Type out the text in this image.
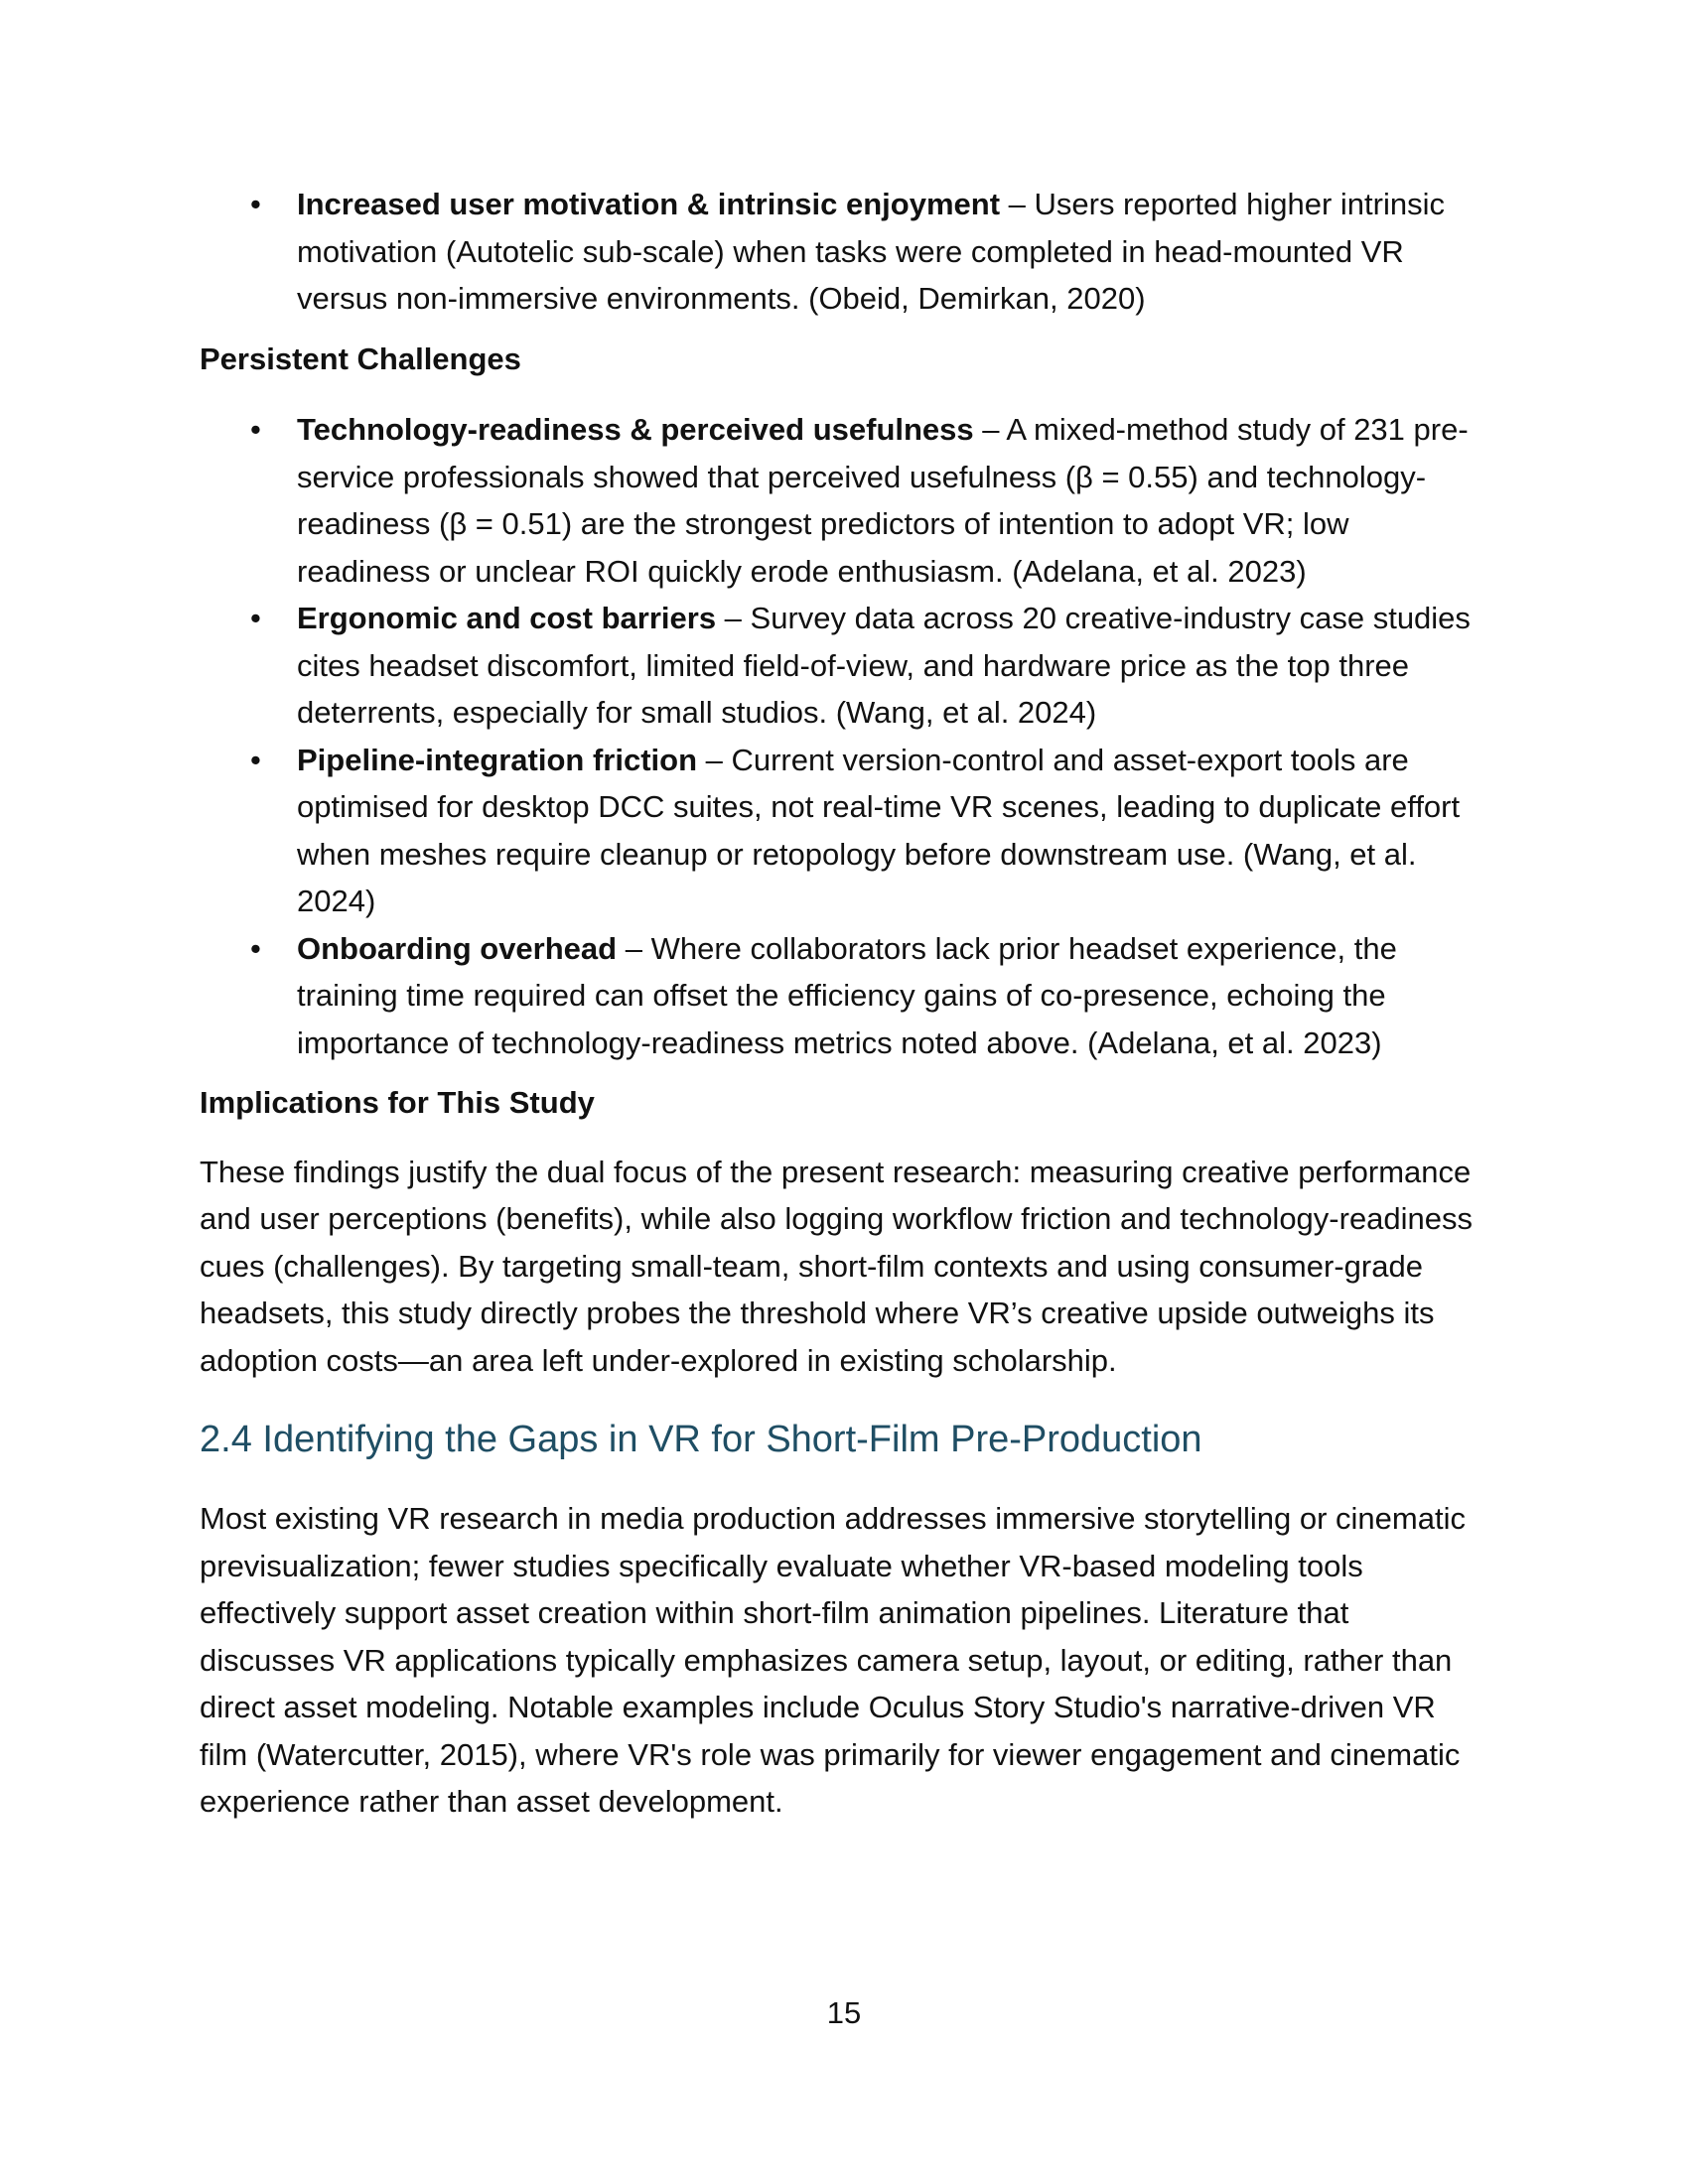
• Increased user motivation & intrinsic enjoyment – Users reported higher intrinsic motivation (Autotelic sub-scale) when tasks were completed in head-mounted VR versus non-immersive environments. (Obeid, Demirkan, 2020)

Persistent Challenges

• Technology-readiness & perceived usefulness – A mixed-method study of 231 pre-service professionals showed that perceived usefulness (β = 0.55) and technology-readiness (β = 0.51) are the strongest predictors of intention to adopt VR; low readiness or unclear ROI quickly erode enthusiasm. (Adelana, et al. 2023)
• Ergonomic and cost barriers – Survey data across 20 creative-industry case studies cites headset discomfort, limited field-of-view, and hardware price as the top three deterrents, especially for small studios. (Wang, et al. 2024)
• Pipeline-integration friction – Current version-control and asset-export tools are optimised for desktop DCC suites, not real-time VR scenes, leading to duplicate effort when meshes require cleanup or retopology before downstream use. (Wang, et al. 2024)
• Onboarding overhead – Where collaborators lack prior headset experience, the training time required can offset the efficiency gains of co-presence, echoing the importance of technology-readiness metrics noted above. (Adelana, et al. 2023)

Implications for This Study

These findings justify the dual focus of the present research: measuring creative performance and user perceptions (benefits), while also logging workflow friction and technology-readiness cues (challenges). By targeting small-team, short-film contexts and using consumer-grade headsets, this study directly probes the threshold where VR’s creative upside outweighs its adoption costs—an area left under-explored in existing scholarship.

2.4 Identifying the Gaps in VR for Short-Film Pre-Production

Most existing VR research in media production addresses immersive storytelling or cinematic previsualization; fewer studies specifically evaluate whether VR-based modeling tools effectively support asset creation within short-film animation pipelines. Literature that discusses VR applications typically emphasizes camera setup, layout, or editing, rather than direct asset modeling. Notable examples include Oculus Story Studio's narrative-driven VR film (Watercutter, 2015), where VR's role was primarily for viewer engagement and cinematic experience rather than asset development.

15
